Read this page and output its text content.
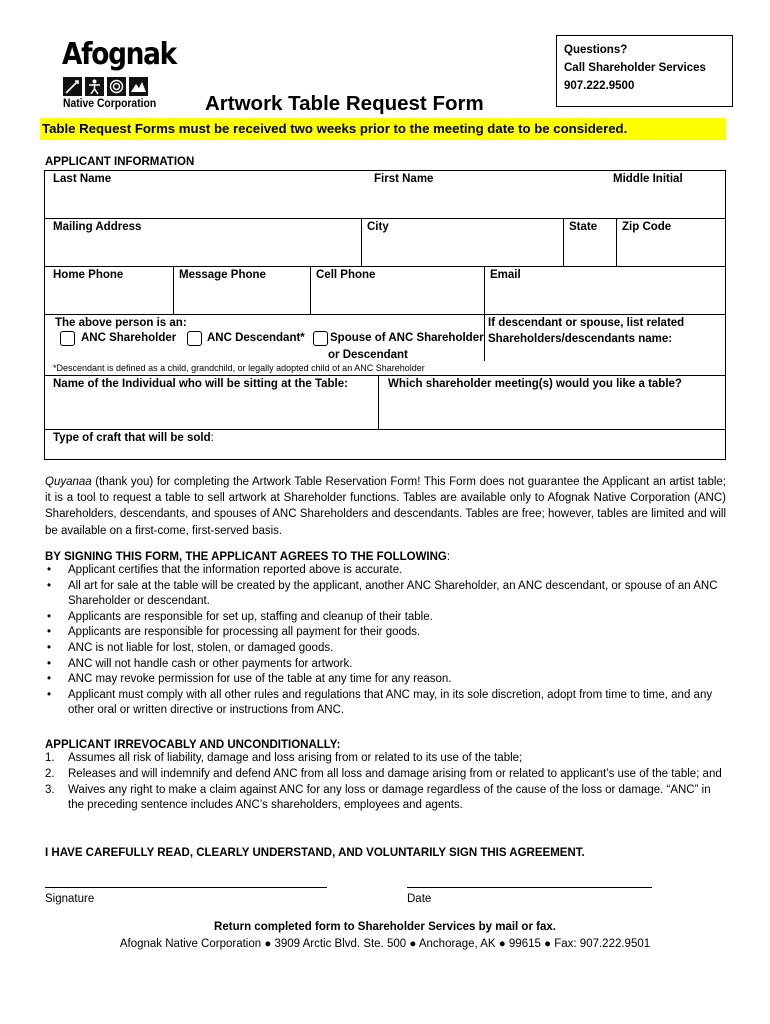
Afognak
Native Corporation Artwork Table Request Form
Questions?
Call Shareholder Services
907.222.9500
Table Request Forms must be received two weeks prior to the meeting date to be considered.
APPLICANT INFORMATION
Last Name	First Name	Middle Initial
Mailing Address	City	State Zip Code
Home Phone	Message Phone	Cell Phone	Email
The above person is an:
ANC Shareholder	ANC Descendant* Spouse of ANC Shareholder
or Descendant
If descendant or spouse, list related
Shareholders/descendants name:
*Descendant is defined as a child, grandchild, or legally adopted child of an ANC Shareholder
Name of the Individual who will be sitting at the Table:	Which shareholder meeting(s) would you like a table?
Type of craft that will be sold:
Quyanaa (thank you) for completing the Artwork Table Reservation Form! This Form does not guarantee the Applicant an artist table; it is a tool to request a table to sell artwork at Shareholder functions. Tables are available only to Afognak Native Corporation (ANC) Shareholders, descendants, and spouses of ANC Shareholders and descendants. Tables are free; however, tables are limited and will be available on a first-come, first-served basis.
BY SIGNING THIS FORM, THE APPLICANT AGREES TO THE FOLLOWING:
• Applicant certifies that the information reported above is accurate.
• All art for sale at the table will be created by the applicant, another ANC Shareholder, an ANC descendant, or spouse of an ANC Shareholder or descendant.
• Applicants are responsible for set up, staffing and cleanup of their table.
• Applicants are responsible for processing all payment for their goods.
• ANC is not liable for lost, stolen, or damaged goods.
• ANC will not handle cash or other payments for artwork.
• ANC may revoke permission for use of the table at any time for any reason.
• Applicant must comply with all other rules and regulations that ANC may, in its sole discretion, adopt from time to time, and any other oral or written directive or instructions from ANC.
APPLICANT IRREVOCABLY AND UNCONDITIONALLY:
1. Assumes all risk of liability, damage and loss arising from or related to its use of the table;
2. Releases and will indemnify and defend ANC from all loss and damage arising from or related to applicant’s use of the table; and
3. Waives any right to make a claim against ANC for any loss or damage regardless of the cause of the loss or damage. “ANC” in the preceding sentence includes ANC’s shareholders, employees and agents.
I HAVE CAREFULLY READ, CLEARLY UNDERSTAND, AND VOLUNTARILY SIGN THIS AGREEMENT.
Signature	Date
Return completed form to Shareholder Services by mail or fax.
Afognak Native Corporation ● 3909 Arctic Blvd. Ste. 500 ● Anchorage, AK ● 99615 ● Fax: 907.222.9501
